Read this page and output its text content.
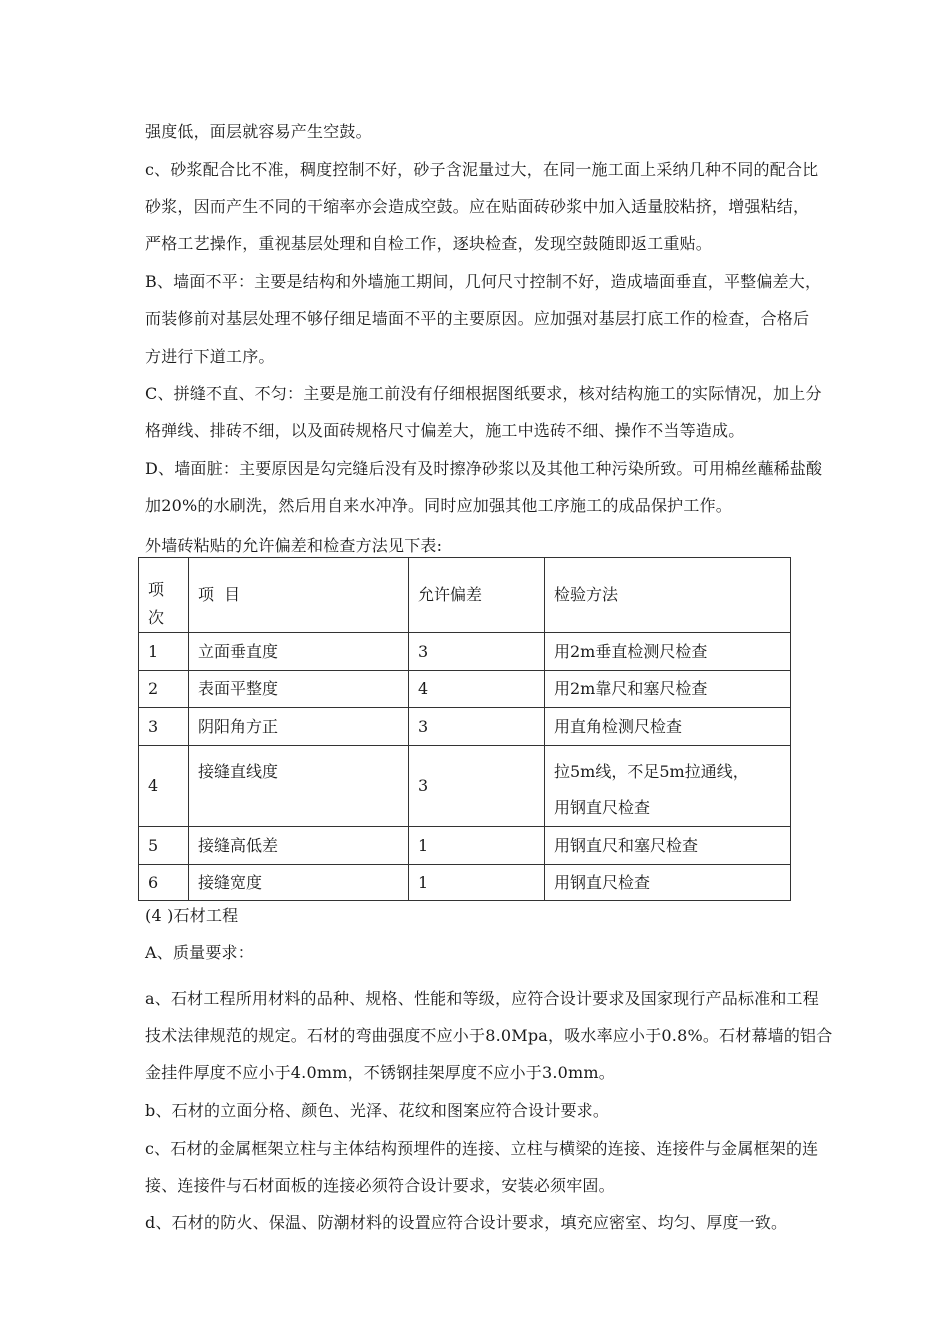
强度低，面层就容易产生空鼓。
c、砂浆配合比不准，稠度控制不好，砂子含泥量过大，在同一施工面上采纳几种不同的配合比
砂浆，因而产生不同的干缩率亦会造成空鼓。应在贴面砖砂浆中加入适量胶粘挤，增强粘结，
严格工艺操作，重视基层处理和自检工作，逐块检查，发现空鼓随即返工重贴。
B、墙面不平：主要是结构和外墙施工期间，几何尺寸控制不好，造成墙面垂直，平整偏差大，
而装修前对基层处理不够仔细足墙面不平的主要原因。应加强对基层打底工作的检查，合格后
方进行下道工序。
C、拼缝不直、不匀：主要是施工前没有仔细根据图纸要求，核对结构施工的实际情况，加上分
格弹线、排砖不细，以及面砖规格尺寸偏差大，施工中选砖不细、操作不当等造成。
D、墙面脏：主要原因是勾完缝后没有及时擦净砂浆以及其他工种污染所致。可用棉丝蘸稀盐酸
加20%的水刷洗，然后用自来水冲净。同时应加强其他工序施工的成品保护工作。
外墙砖粘贴的允许偏差和检查方法见下表:
项
次	项  目	允许偏差	检验方法
1	立面垂直度	3	用2m垂直检测尺检查
2	表面平整度	4	用2m靠尺和塞尺检查
3	阴阳角方正	3	用直角检测尺检查
4	接缝直线度	3	拉5m线，不足5m拉通线，
用钢直尺检查

5	接缝高低差	1	用钢直尺和塞尺检查
6	接缝宽度	1	用钢直尺检查
(4 )石材工程
A、质量要求：
a、石材工程所用材料的品种、规格、性能和等级，应符合设计要求及国家现行产品标准和工程
技术法律规范的规定。石材的弯曲强度不应小于8.0Mpa，吸水率应小于0.8%。石材幕墙的铝合
金挂件厚度不应小于4.0mm，不锈钢挂架厚度不应小于3.0mm。
b、石材的立面分格、颜色、光泽、花纹和图案应符合设计要求。
c、石材的金属框架立柱与主体结构预埋件的连接、立柱与横梁的连接、连接件与金属框架的连
接、连接件与石材面板的连接必须符合设计要求，安装必须牢固。
d、石材的防火、保温、防潮材料的设置应符合设计要求，填充应密室、均匀、厚度一致。
